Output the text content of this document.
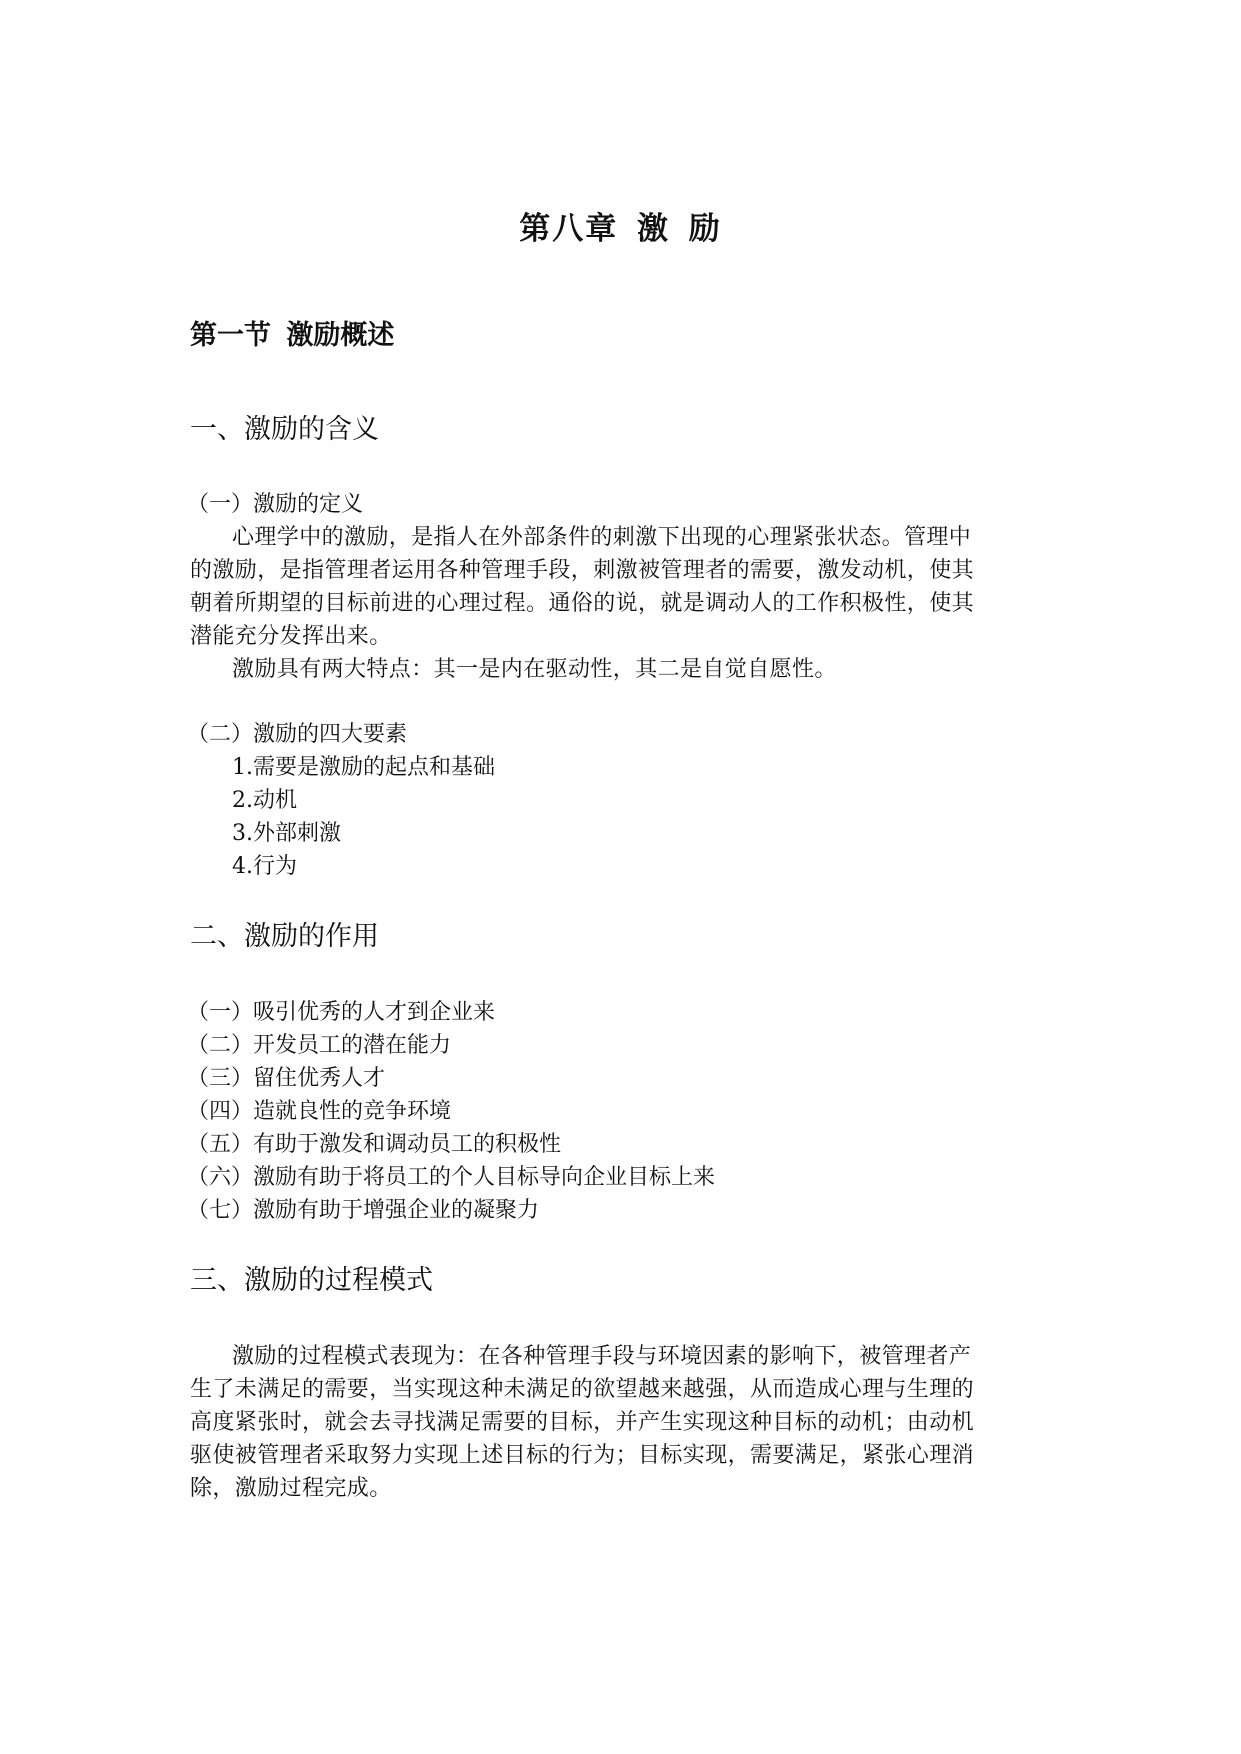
第八章 激 励
第一节 激励概述
一、激励的含义
（一）激励的定义
心理学中的激励，是指人在外部条件的刺激下出现的心理紧张状态。管理中
的激励，是指管理者运用各种管理手段，刺激被管理者的需要，激发动机，使其
朝着所期望的目标前进的心理过程。通俗的说，就是调动人的工作积极性，使其
潜能充分发挥出来。
激励具有两大特点：其一是内在驱动性，其二是自觉自愿性。
（二）激励的四大要素
1.需要是激励的起点和基础
2.动机
3.外部刺激
4.行为
二、激励的作用
（一）吸引优秀的人才到企业来
（二）开发员工的潜在能力
（三）留住优秀人才
（四）造就良性的竞争环境
（五）有助于激发和调动员工的积极性
（六）激励有助于将员工的个人目标导向企业目标上来
（七）激励有助于增强企业的凝聚力
三、激励的过程模式
激励的过程模式表现为：在各种管理手段与环境因素的影响下，被管理者产
生了未满足的需要，当实现这种未满足的欲望越来越强，从而造成心理与生理的
高度紧张时，就会去寻找满足需要的目标，并产生实现这种目标的动机；由动机
驱使被管理者采取努力实现上述目标的行为；目标实现，需要满足，紧张心理消
除，激励过程完成。
